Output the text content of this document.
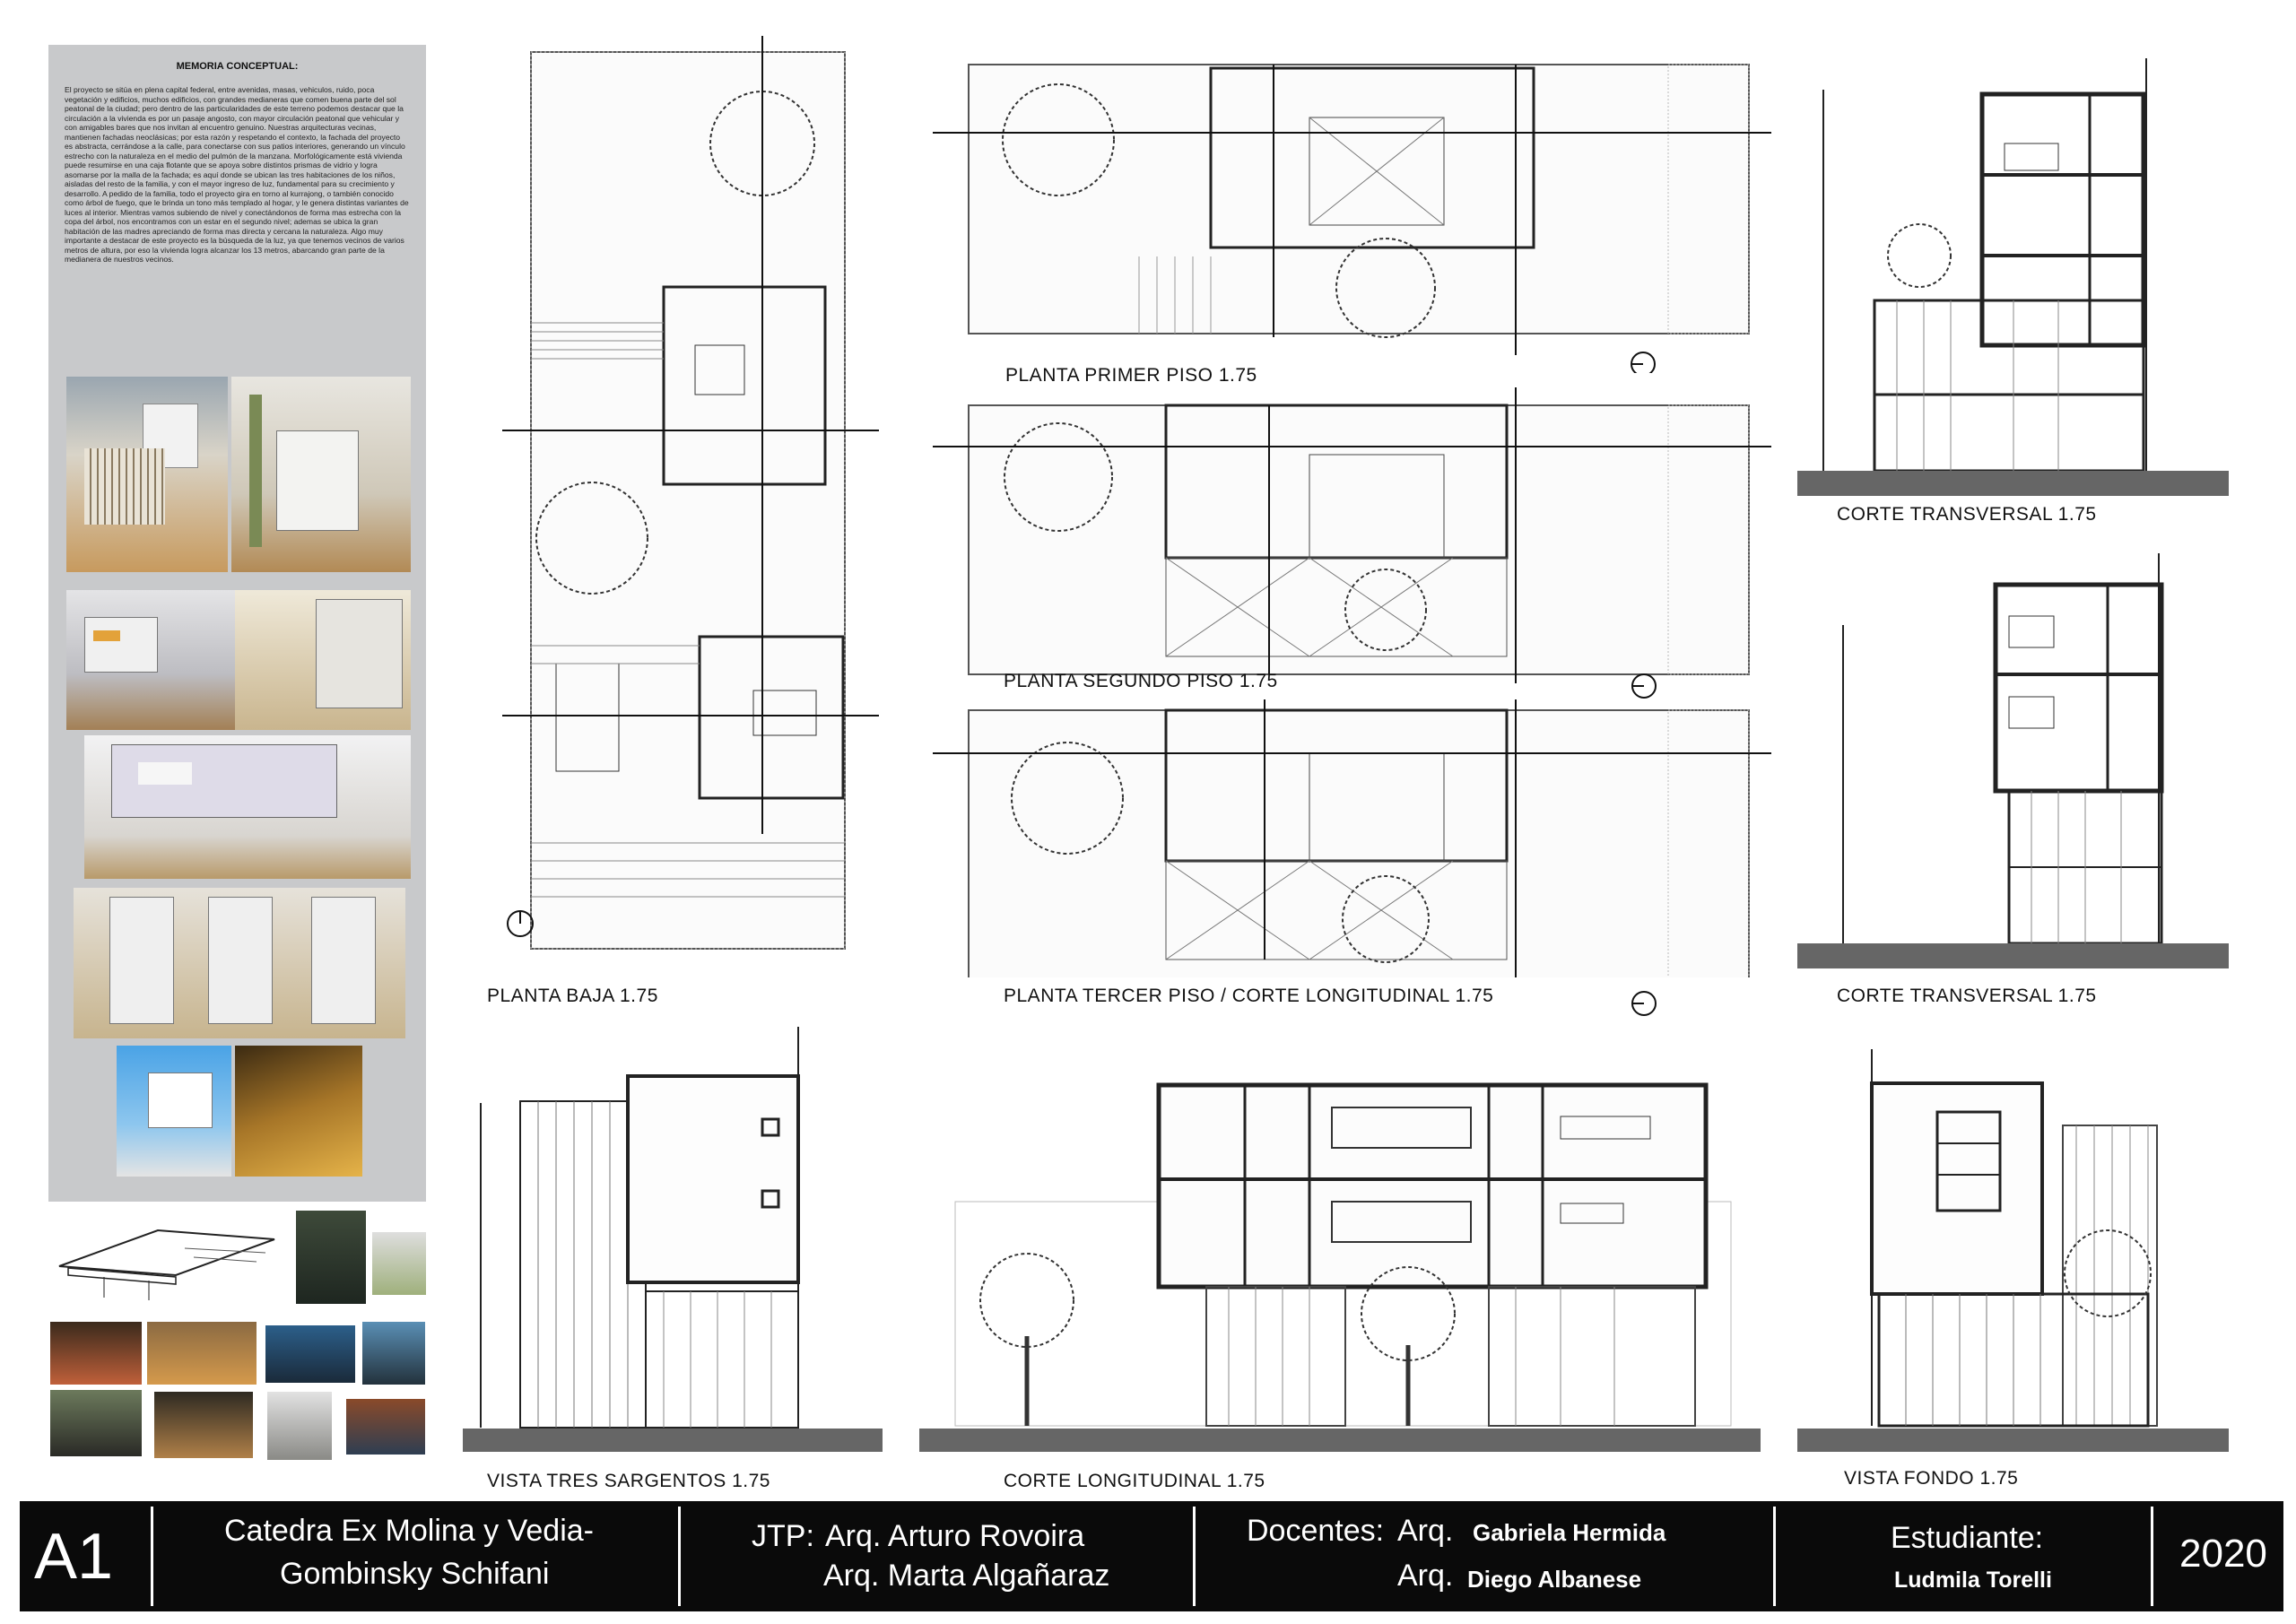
MEMORIA CONCEPTUAL:
El proyecto se sitúa en plena capital federal, entre avenidas, masas, vehiculos, ruido, poca vegetación y edificios, muchos edificios, con grandes medianeras que comen buena parte del sol peatonal de la ciudad; pero dentro de las particularidades de este terreno podemos destacar que la circulación a la vivienda es por un pasaje angosto, con mayor circulación peatonal que vehicular y con amigables bares que nos invitan al encuentro genuino. Nuestras arquitecturas vecinas, mantienen fachadas neoclásicas; por esta razón y respetando el contexto, la fachada del proyecto es abstracta, cerrándose a la calle, para conectarse con sus patios interiores, generando un vínculo estrecho con la naturaleza en el medio del pulmón de la manzana. Morfológicamente está vivienda puede resumirse en una caja flotante que se apoya sobre distintos prismas de vidrio y logra asomarse por la malla de la fachada; es aquí donde se ubican las tres habitaciones de los niños, aisladas del resto de la familia, y con el mayor ingreso de luz, fundamental para su crecimiento y desarrollo. A pedido de la familia, todo el proyecto gira en torno al kurrajong, o también conocido como árbol de fuego, que le brinda un tono más templado al hogar, y le genera distintas variantes de luces al interior. Mientras vamos subiendo de nivel y conectándonos de forma mas estrecha con la copa del árbol, nos encontramos con un estar en el segundo nivel; ademas se ubica la gran habitación de las madres apreciando de forma mas directa y cercana la naturaleza. Algo muy importante a destacar de este proyecto es la búsqueda de la luz, ya que tenemos vecinos de varios metros de altura, por eso la vivienda logra alcanzar los 13 metros, abarcando gran parte de la medianera de nuestros vecinos.
PLANTA BAJA 1.75
PLANTA PRIMER PISO 1.75
PLANTA SEGUNDO PISO 1.75
PLANTA TERCER PISO / CORTE LONGITUDINAL 1.75
CORTE TRANSVERSAL 1.75
CORTE TRANSVERSAL 1.75
VISTA TRES SARGENTOS 1.75	CORTE LONGITUDINAL 1.75	VISTA FONDO 1.75
A1	Catedra Ex Molina y Vedia-
Gombinsky Schifani
JTP: Arq. Arturo Rovoira
Arq. Marta Algañaraz
Docentes: Arq. Gabriela Hermida
Arq. Diego Albanese
Estudiante:
Ludmila Torelli
2020
